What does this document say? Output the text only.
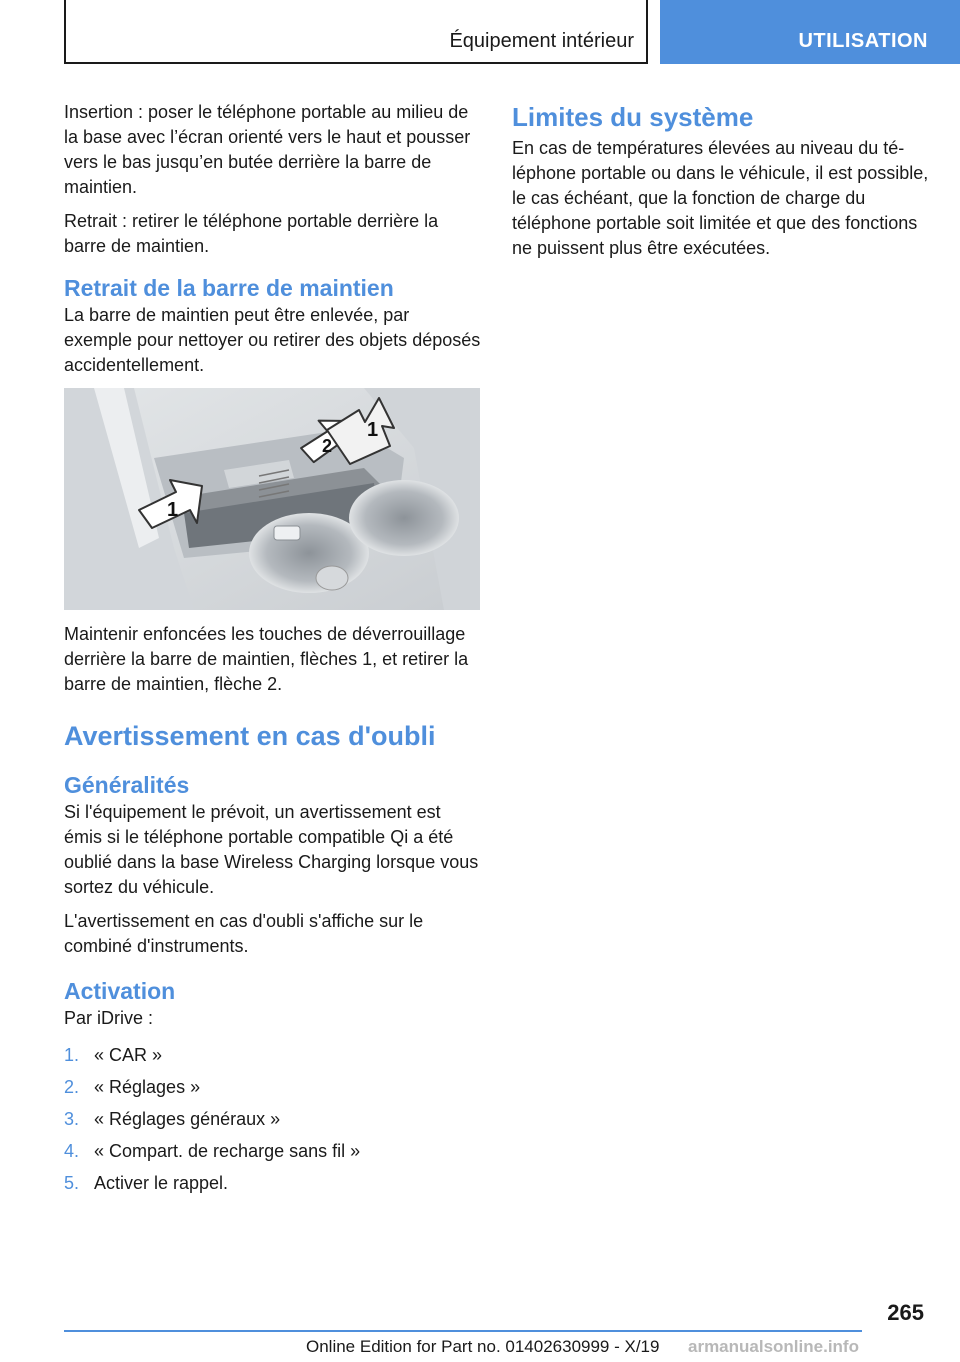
Équipement intérieur	UTILISATION

Insertion : poser le téléphone portable au milieu de la base avec l’écran orienté vers le haut et pousser vers le bas jusqu’en butée derrière la barre de maintien.

Retrait : retirer le téléphone portable derrière la barre de maintien.

Retrait de la barre de maintien

La barre de maintien peut être enlevée, par exemple pour nettoyer ou retirer des objets déposés accidentellement.

1
1
2

Maintenir enfoncées les touches de déverrouillage derrière la barre de maintien, flèches 1, et retirer la barre de maintien, flèche 2.

Avertissement en cas d'oubli
Généralités

Si l'équipement le prévoit, un avertissement est émis si le téléphone portable compatible Qi a été oublié dans la base Wireless Charging lorsque vous sortez du véhicule.

L'avertissement en cas d'oubli s'affiche sur le combiné d'instruments.

Activation

Par iDrive :

1. « CAR »
2. « Réglages »
3. « Réglages généraux »
4. « Compart. de recharge sans fil »
5. Activer le rappel.
Limites du système

En cas de températures élevées au niveau du téléphone portable ou dans le véhicule, il est possible, le cas échéant, que la fonction de charge du téléphone portable soit limitée et que des fonctions ne puissent plus être exécutées.

265
Online Edition for Part no. 01402630999 - X/19 armanualsonline.info
